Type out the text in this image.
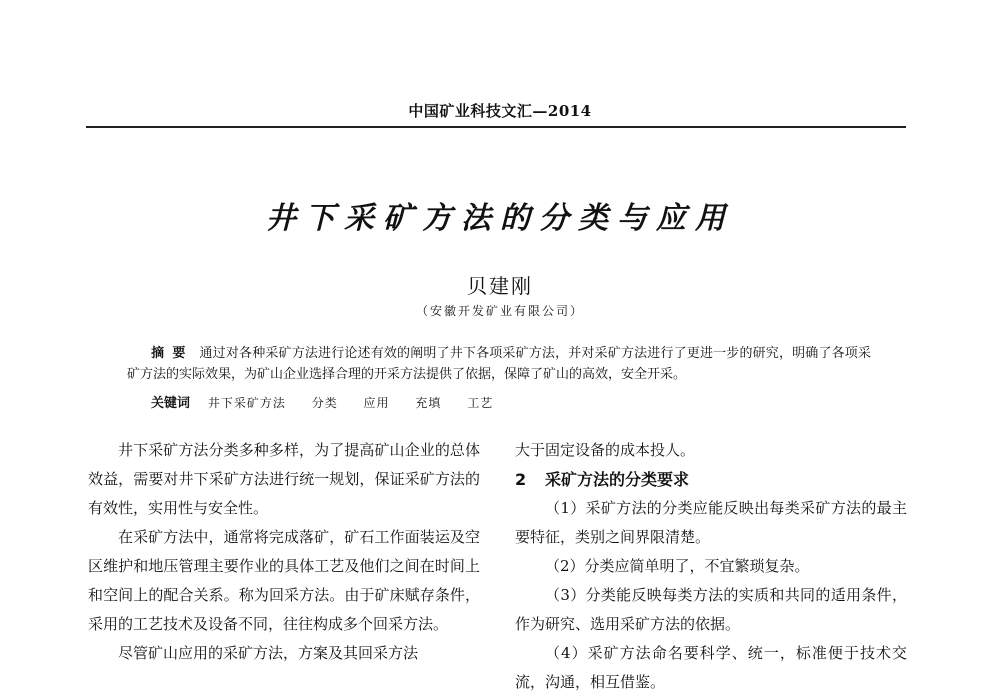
中国矿业科技文汇—2014
井下采矿方法的分类与应用
贝建刚
（安徽开发矿业有限公司）
摘要 通过对各种采矿方法进行论述有效的阐明了井下各项采矿方法，并对采矿方法进行了更进一步的研究，明确了各项采矿方法的实际效果，为矿山企业选择合理的开采方法提供了依据，保障了矿山的高效，安全开采。
关键词 井下采矿方法 分类 应用 充填 工艺

井下采矿方法分类多种多样，为了提高矿山企业的总体效益，需要对井下采矿方法进行统一规划，保证采矿方法的有效性，实用性与安全性。

在采矿方法中，通常将完成落矿，矿石工作面装运及空区维护和地压管理主要作业的具体工艺及他们之间在时间上和空间上的配合关系。称为回采方法。由于矿床赋存条件，采用的工艺技术及设备不同，往往构成多个回采方法。

尽管矿山应用的采矿方法，方案及其回采方法

大于固定设备的成本投人。

2 采矿方法的分类要求

（1）采矿方法的分类应能反映出每类采矿方法的最主要特征，类别之间界限清楚。

（2）分类应简单明了，不宜繁琐复杂。

（3）分类能反映每类方法的实质和共同的适用条件，作为研究、选用采矿方法的依据。

（4）采矿方法命名要科学、统一，标准便于技术交流，沟通，相互借鉴。
